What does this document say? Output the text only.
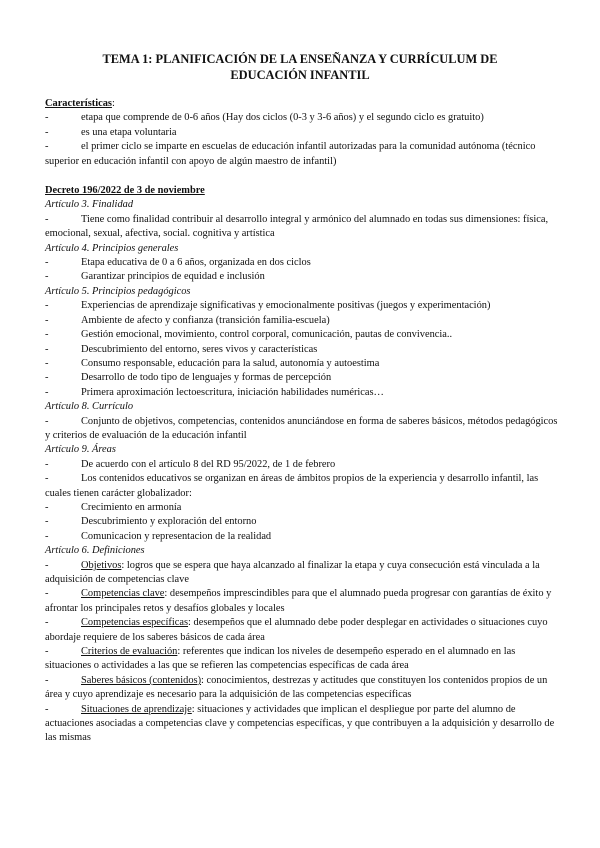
TEMA 1: PLANIFICACIÓN DE LA ENSEÑANZA Y CURRÍCULUM DE
EDUCACIÓN INFANTIL
Características:
-	etapa que comprende de 0-6 años (Hay dos ciclos (0-3 y 3-6 años) y el segundo ciclo es gratuito)
-	es una etapa voluntaria
-	el primer ciclo se imparte en escuelas de educación infantil autorizadas para la comunidad autónoma (técnico superior en educación infantil con apoyo de algún maestro de infantil)
Decreto 196/2022 de 3 de noviembre
Artículo 3. Finalidad
-	Tiene como finalidad contribuir al desarrollo integral y armónico del alumnado en todas sus dimensiones: física, emocional, sexual, afectiva, social. cognitiva y artística
Artículo 4. Principios generales
-	Etapa educativa de 0 a 6 años, organizada en dos ciclos
-	Garantizar principios de equidad e inclusión
Artículo 5. Principios pedagógicos
-	Experiencias de aprendizaje significativas y emocionalmente positivas (juegos y experimentación)
-	Ambiente de afecto y confianza (transición familia-escuela)
-	Gestión emocional, movimiento, control corporal, comunicación, pautas de convivencia..
-	Descubrimiento del entorno, seres vivos y características
-	Consumo responsable, educación para la salud, autonomía y autoestima
-	Desarrollo de todo tipo de lenguajes y formas de percepción
-	Primera aproximación lectoescritura, iniciación habilidades numéricas…
Artículo 8. Currículo
-	Conjunto de objetivos, competencias, contenidos anunciándose en forma de saberes básicos, métodos pedagógicos y criterios de evaluación de la educación infantil
Artículo 9. Áreas
-	De acuerdo con el artículo 8 del RD 95/2022, de 1 de febrero
-	Los contenidos educativos se organizan en áreas de ámbitos propios de la experiencia y desarrollo infantil, las cuales tienen carácter globalizador:
-	Crecimiento en armonía
-	Descubrimiento y exploración del entorno
-	Comunicacion y representacion de la realidad
Artículo 6. Definiciones
-	Objetivos: logros que se espera que haya alcanzado al finalizar la etapa y cuya consecución está vinculada a la adquisición de competencias clave
-	Competencias clave: desempeños imprescindibles para que el alumnado pueda progresar con garantías de éxito y afrontar los principales retos y desafíos globales y locales
-	Competencias específicas: desempeños que el alumnado debe poder desplegar en actividades o situaciones cuyo abordaje requiere de los saberes básicos de cada área
-	Criterios de evaluación: referentes que indican los niveles de desempeño esperado en el alumnado en las situaciones o actividades a las que se refieren las competencias específicas de cada área
-	Saberes básicos (contenidos): conocimientos, destrezas y actitudes que constituyen los contenidos propios de un área y cuyo aprendizaje es necesario para la adquisición de las competencias específicas
-	Situaciones de aprendizaje: situaciones y actividades que implican el despliegue por parte del alumno de actuaciones asociadas a competencias clave y competencias específicas, y que contribuyen a la adquisición y desarrollo de las mismas
